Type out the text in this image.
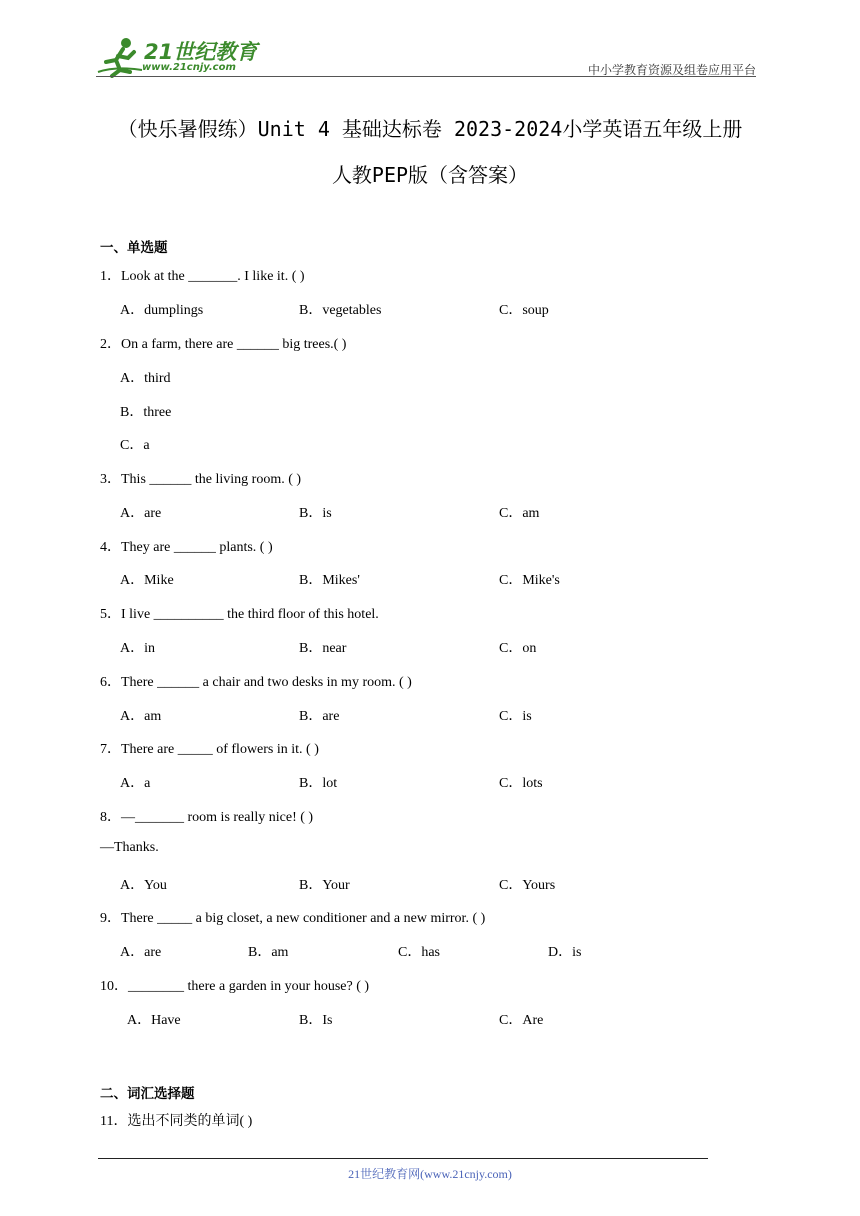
21世纪教育
www.21cnjy.com	中小学教育资源及组卷应用平台
（快乐暑假练）Unit 4 基础达标卷 2023-2024小学英语五年级上册
人教PEP版（含答案）
一、单选题
1．Look at the _______. I like it. ( )
A．dumplings	B．vegetables	C．soup
2．On a farm, there are ______ big trees.( )
A．third
B．three
C．a
3．This ______ the living room. ( )
A．are	B．is	C．am
4．They are ______ plants. ( )
A．Mike	B．Mikes'	C．Mike's
5．I live __________ the third floor of this hotel.
A．in	B．near	C．on
6．There ______ a chair and two desks in my room. ( )
A．am	B．are	C．is
7．There are _____ of flowers in it. ( )
A．a	B．lot	C．lots
8．—_______ room is really nice! ( )
—Thanks.
A．You	B．Your	C．Yours
9．There _____ a big closet, a new conditioner and a new mirror. ( )
A．are	B．am	C．has	D．is
10．________ there a garden in your house? ( )
A．Have	B．Is	C．Are
二、词汇选择题
11．选出不同类的单词( )
21世纪教育网(www.21cnjy.com)
